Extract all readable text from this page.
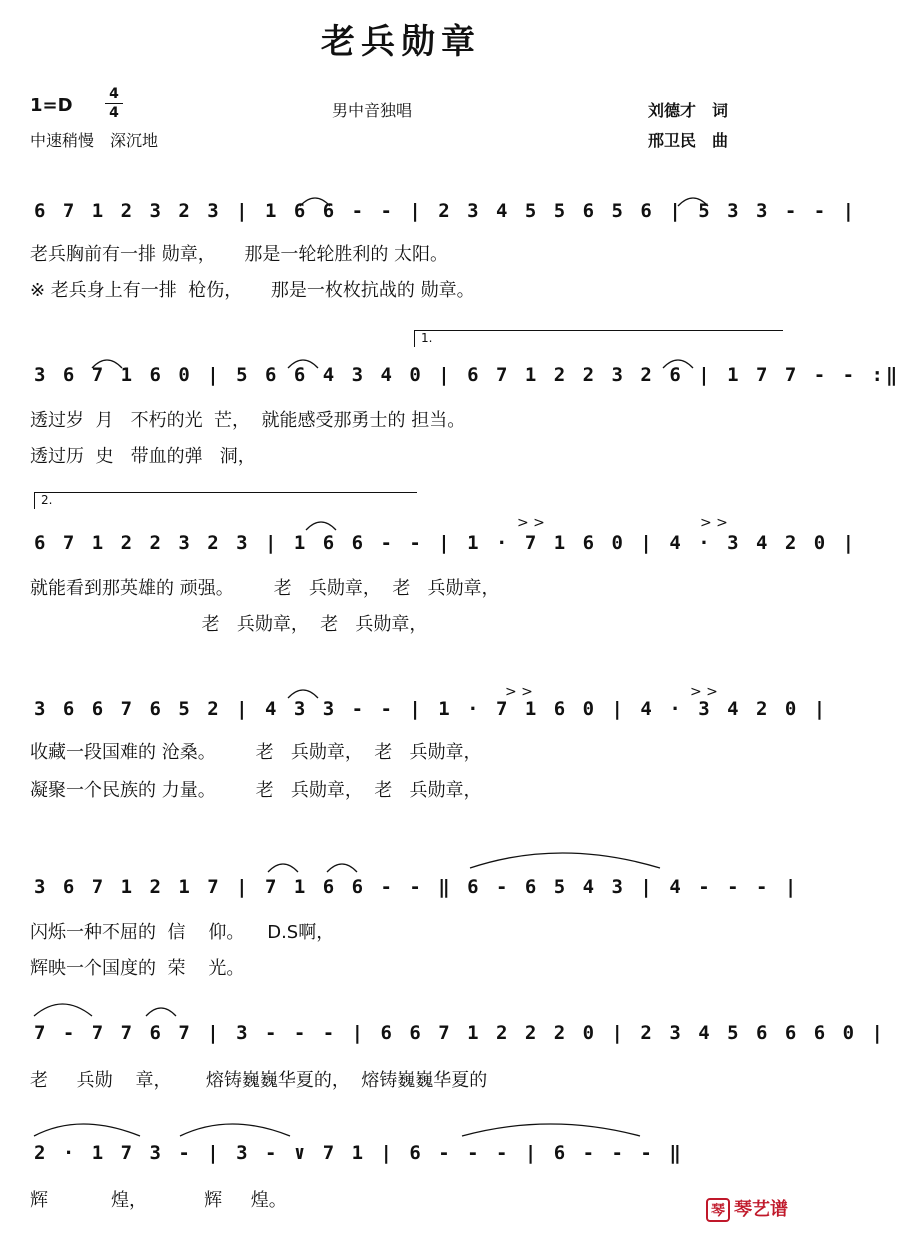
老兵勋章
1=D
4
4
中速稍慢　深沉地
男中音独唱	刘德才　词
邢卫民　曲
6 7 1 2 3 2 3 | 1 6 6 - - | 2 3 4 5 5 6 5 6 | 5 3 3 - - |
老兵胸前有一排 勋章，     那是一轮轮胜利的 太阳。
※ 老兵身上有一排  枪伤，     那是一枚枚抗战的 勋章。
1.
3 6 7 1 6 0 | 5 6 6 4 3 4 0 | 6 7 1 2 2 3 2 6 | 1 7 7 - - :‖
透过岁  月   不朽的光  芒，  就能感受那勇士的 担当。
透过历  史   带血的弹   洞，
2.
> >	> >
6 7 1 2 2 3 2 3 | 1 6 6 - - | 1 · 7 1 6 0 | 4 · 3 4 2 0 |
就能看到那英雄的 顽强。       老   兵勋章，  老   兵勋章，
老   兵勋章，  老   兵勋章，
> >	> >
3 6 6 7 6 5 2 | 4 3 3 - - | 1 · 7 1 6 0 | 4 · 3 4 2 0 |
收藏一段国难的 沧桑。       老   兵勋章，  老   兵勋章，
凝聚一个民族的 力量。       老   兵勋章，  老   兵勋章，
3 6 7 1 2 1 7 | 7 1 6 6 - - ‖ 6 - 6 5 4 3 | 4 - - - |
闪烁一种不屈的  信    仰。    D.S啊，
辉映一个国度的  荣    光。
7 - 7 7 6 7 | 3 - - - | 6 6 7 1 2 2 2 0 | 2 3 4 5 6 6 6 0 |
老     兵勋    章，      熔铸巍巍华夏的，  熔铸巍巍华夏的
2 · 1 7 3 - | 3 - ∨ 7 1 | 6 - - - | 6 - - - ‖
辉           煌，          辉     煌。	琴 琴艺谱
